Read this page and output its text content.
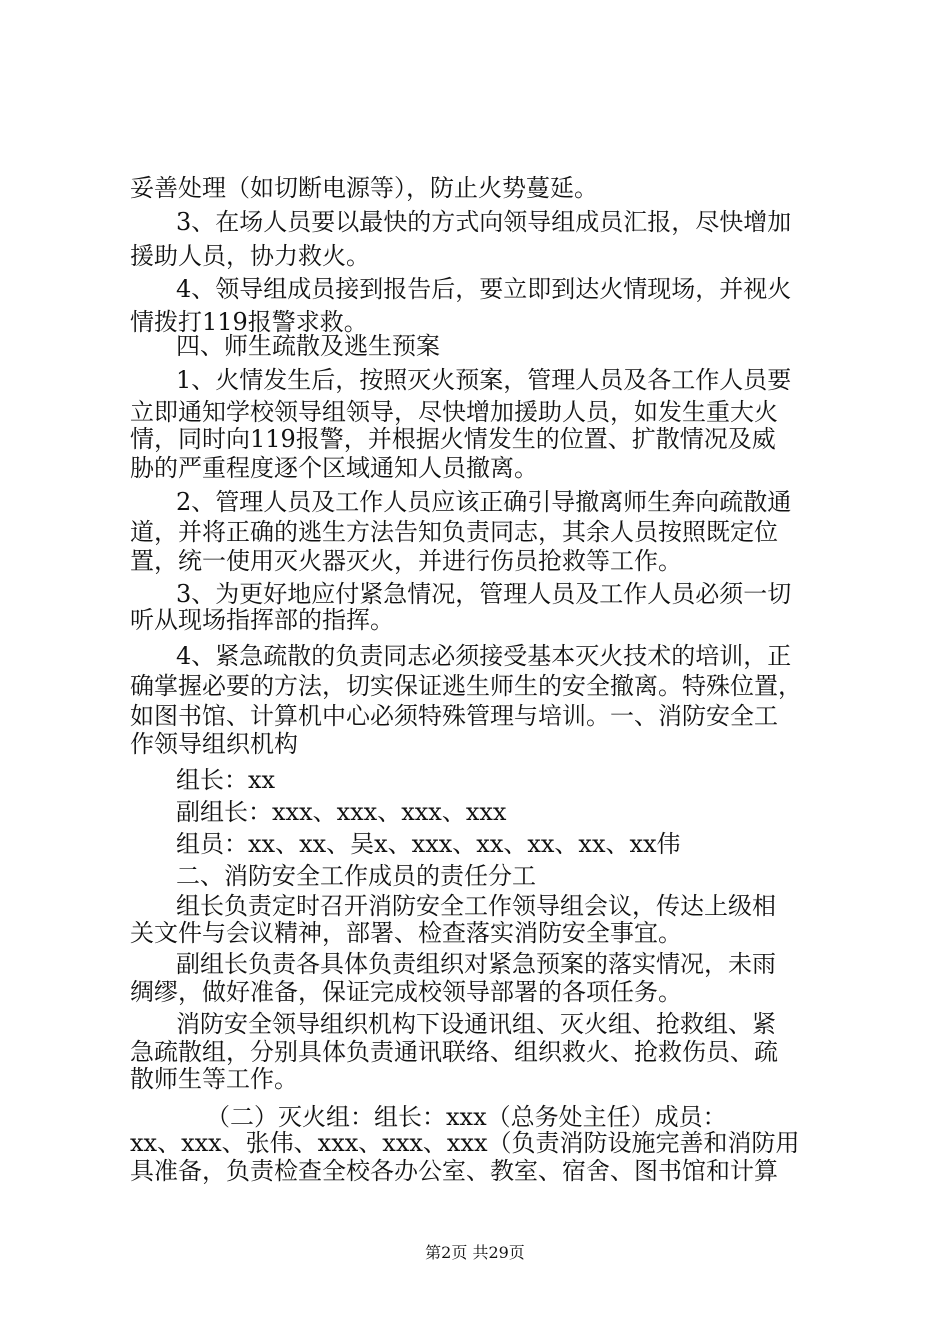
妥善处理（如切断电源等），防止火势蔓延。
3、在场人员要以最快的方式向领导组成员汇报，尽快增加
援助人员，协力救火。
4、领导组成员接到报告后，要立即到达火情现场，并视火
情拨打119报警求救。
四、师生疏散及逃生预案
1、火情发生后，按照灭火预案，管理人员及各工作人员要
立即通知学校领导组领导，尽快增加援助人员，如发生重大火
情，同时向119报警，并根据火情发生的位置、扩散情况及威
胁的严重程度逐个区域通知人员撤离。
2、管理人员及工作人员应该正确引导撤离师生奔向疏散通
道，并将正确的逃生方法告知负责同志，其余人员按照既定位
置，统一使用灭火器灭火，并进行伤员抢救等工作。
3、为更好地应付紧急情况，管理人员及工作人员必须一切
听从现场指挥部的指挥。
4、紧急疏散的负责同志必须接受基本灭火技术的培训，正
确掌握必要的方法，切实保证逃生师生的安全撤离。特殊位置，
如图书馆、计算机中心必须特殊管理与培训。一、消防安全工
作领导组织机构
组长：xx
副组长：xxx、xxx、xxx、xxx
组员：xx、xx、吴x、xxx、xx、xx、xx、xx伟
二、消防安全工作成员的责任分工
组长负责定时召开消防安全工作领导组会议，传达上级相
关文件与会议精神，部署、检查落实消防安全事宜。
副组长负责各具体负责组织对紧急预案的落实情况，未雨
绸缪，做好准备，保证完成校领导部署的各项任务。
消防安全领导组织机构下设通讯组、灭火组、抢救组、紧
急疏散组，分别具体负责通讯联络、组织救火、抢救伤员、疏
散师生等工作。
（二）灭火组：组长：xxx（总务处主任）成员：
xx、xxx、张伟、xxx、xxx、xxx（负责消防设施完善和消防用
具准备，负责检查全校各办公室、教室、宿舍、图书馆和计算
第2页 共29页
